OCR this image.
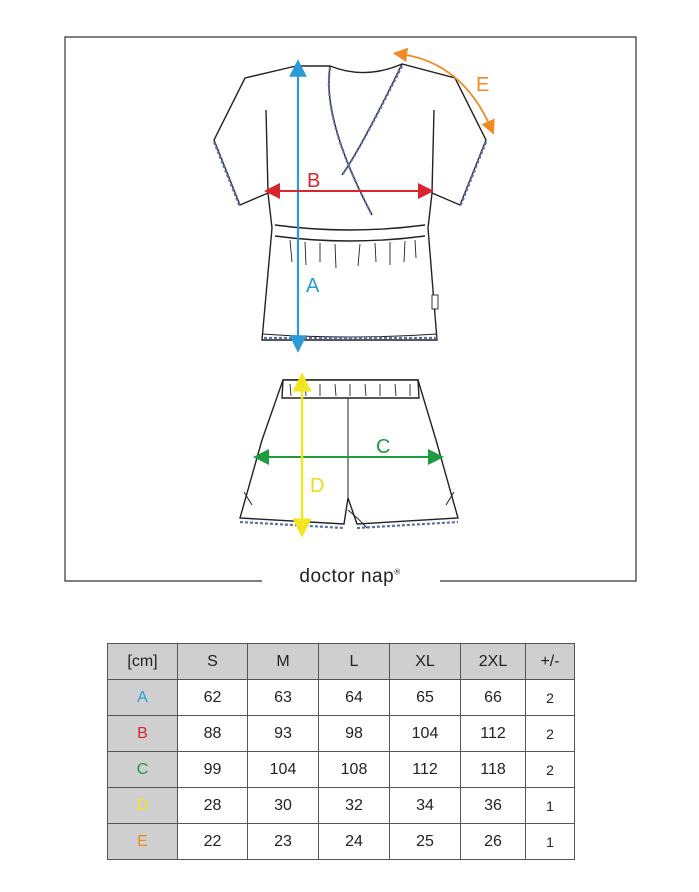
A
B
C
D
E
doctor nap®
[cm]	S	M	L	XL	2XL	+/-
A	62	63	64	65	66	2
B	88	93	98	104	112	2
C	99	104	108	112	118	2
D	28	30	32	34	36	1
E	22	23	24	25	26	1
